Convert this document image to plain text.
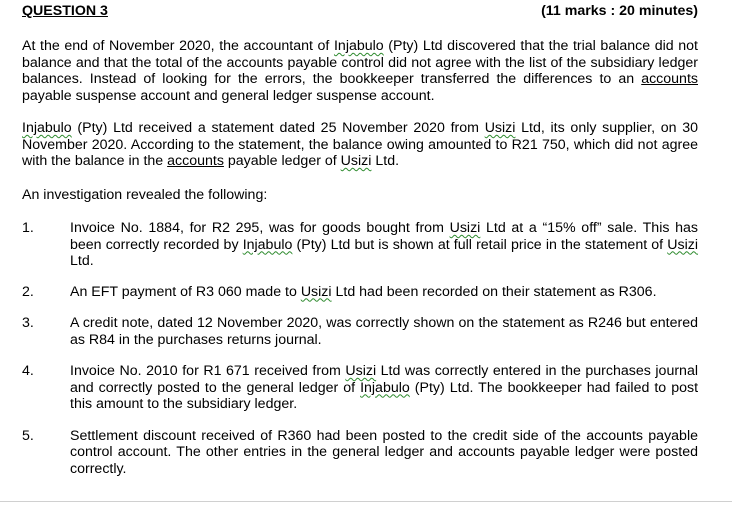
QUESTION 3	(11 marks : 20 minutes)

At the end of November 2020, the accountant of Injabulo (Pty) Ltd discovered that the trial balance did not balance and that the total of the accounts payable control did not agree with the list of the subsidiary ledger balances. Instead of looking for the errors, the bookkeeper transferred the differences to an accounts payable suspense account and general ledger suspense account.

Injabulo (Pty) Ltd received a statement dated 25 November 2020 from Usizi Ltd, its only supplier, on 30 November 2020. According to the statement, the balance owing amounted to R21 750, which did not agree with the balance in the accounts payable ledger of Usizi Ltd.

An investigation revealed the following:

1.	Invoice No. 1884, for R2 295, was for goods bought from Usizi Ltd at a “15% off” sale. This has been correctly recorded by Injabulo (Pty) Ltd but is shown at full retail price in the statement of Usizi Ltd.
2.	An EFT payment of R3 060 made to Usizi Ltd had been recorded on their statement as R306.
3.	A credit note, dated 12 November 2020, was correctly shown on the statement as R246 but entered as R84 in the purchases returns journal.
4.	Invoice No. 2010 for R1 671 received from Usizi Ltd was correctly entered in the purchases journal and correctly posted to the general ledger of Injabulo (Pty) Ltd. The bookkeeper had failed to post this amount to the subsidiary ledger.
5.	Settlement discount received of R360 had been posted to the credit side of the accounts payable control account. The other entries in the general ledger and accounts payable ledger were posted correctly.
